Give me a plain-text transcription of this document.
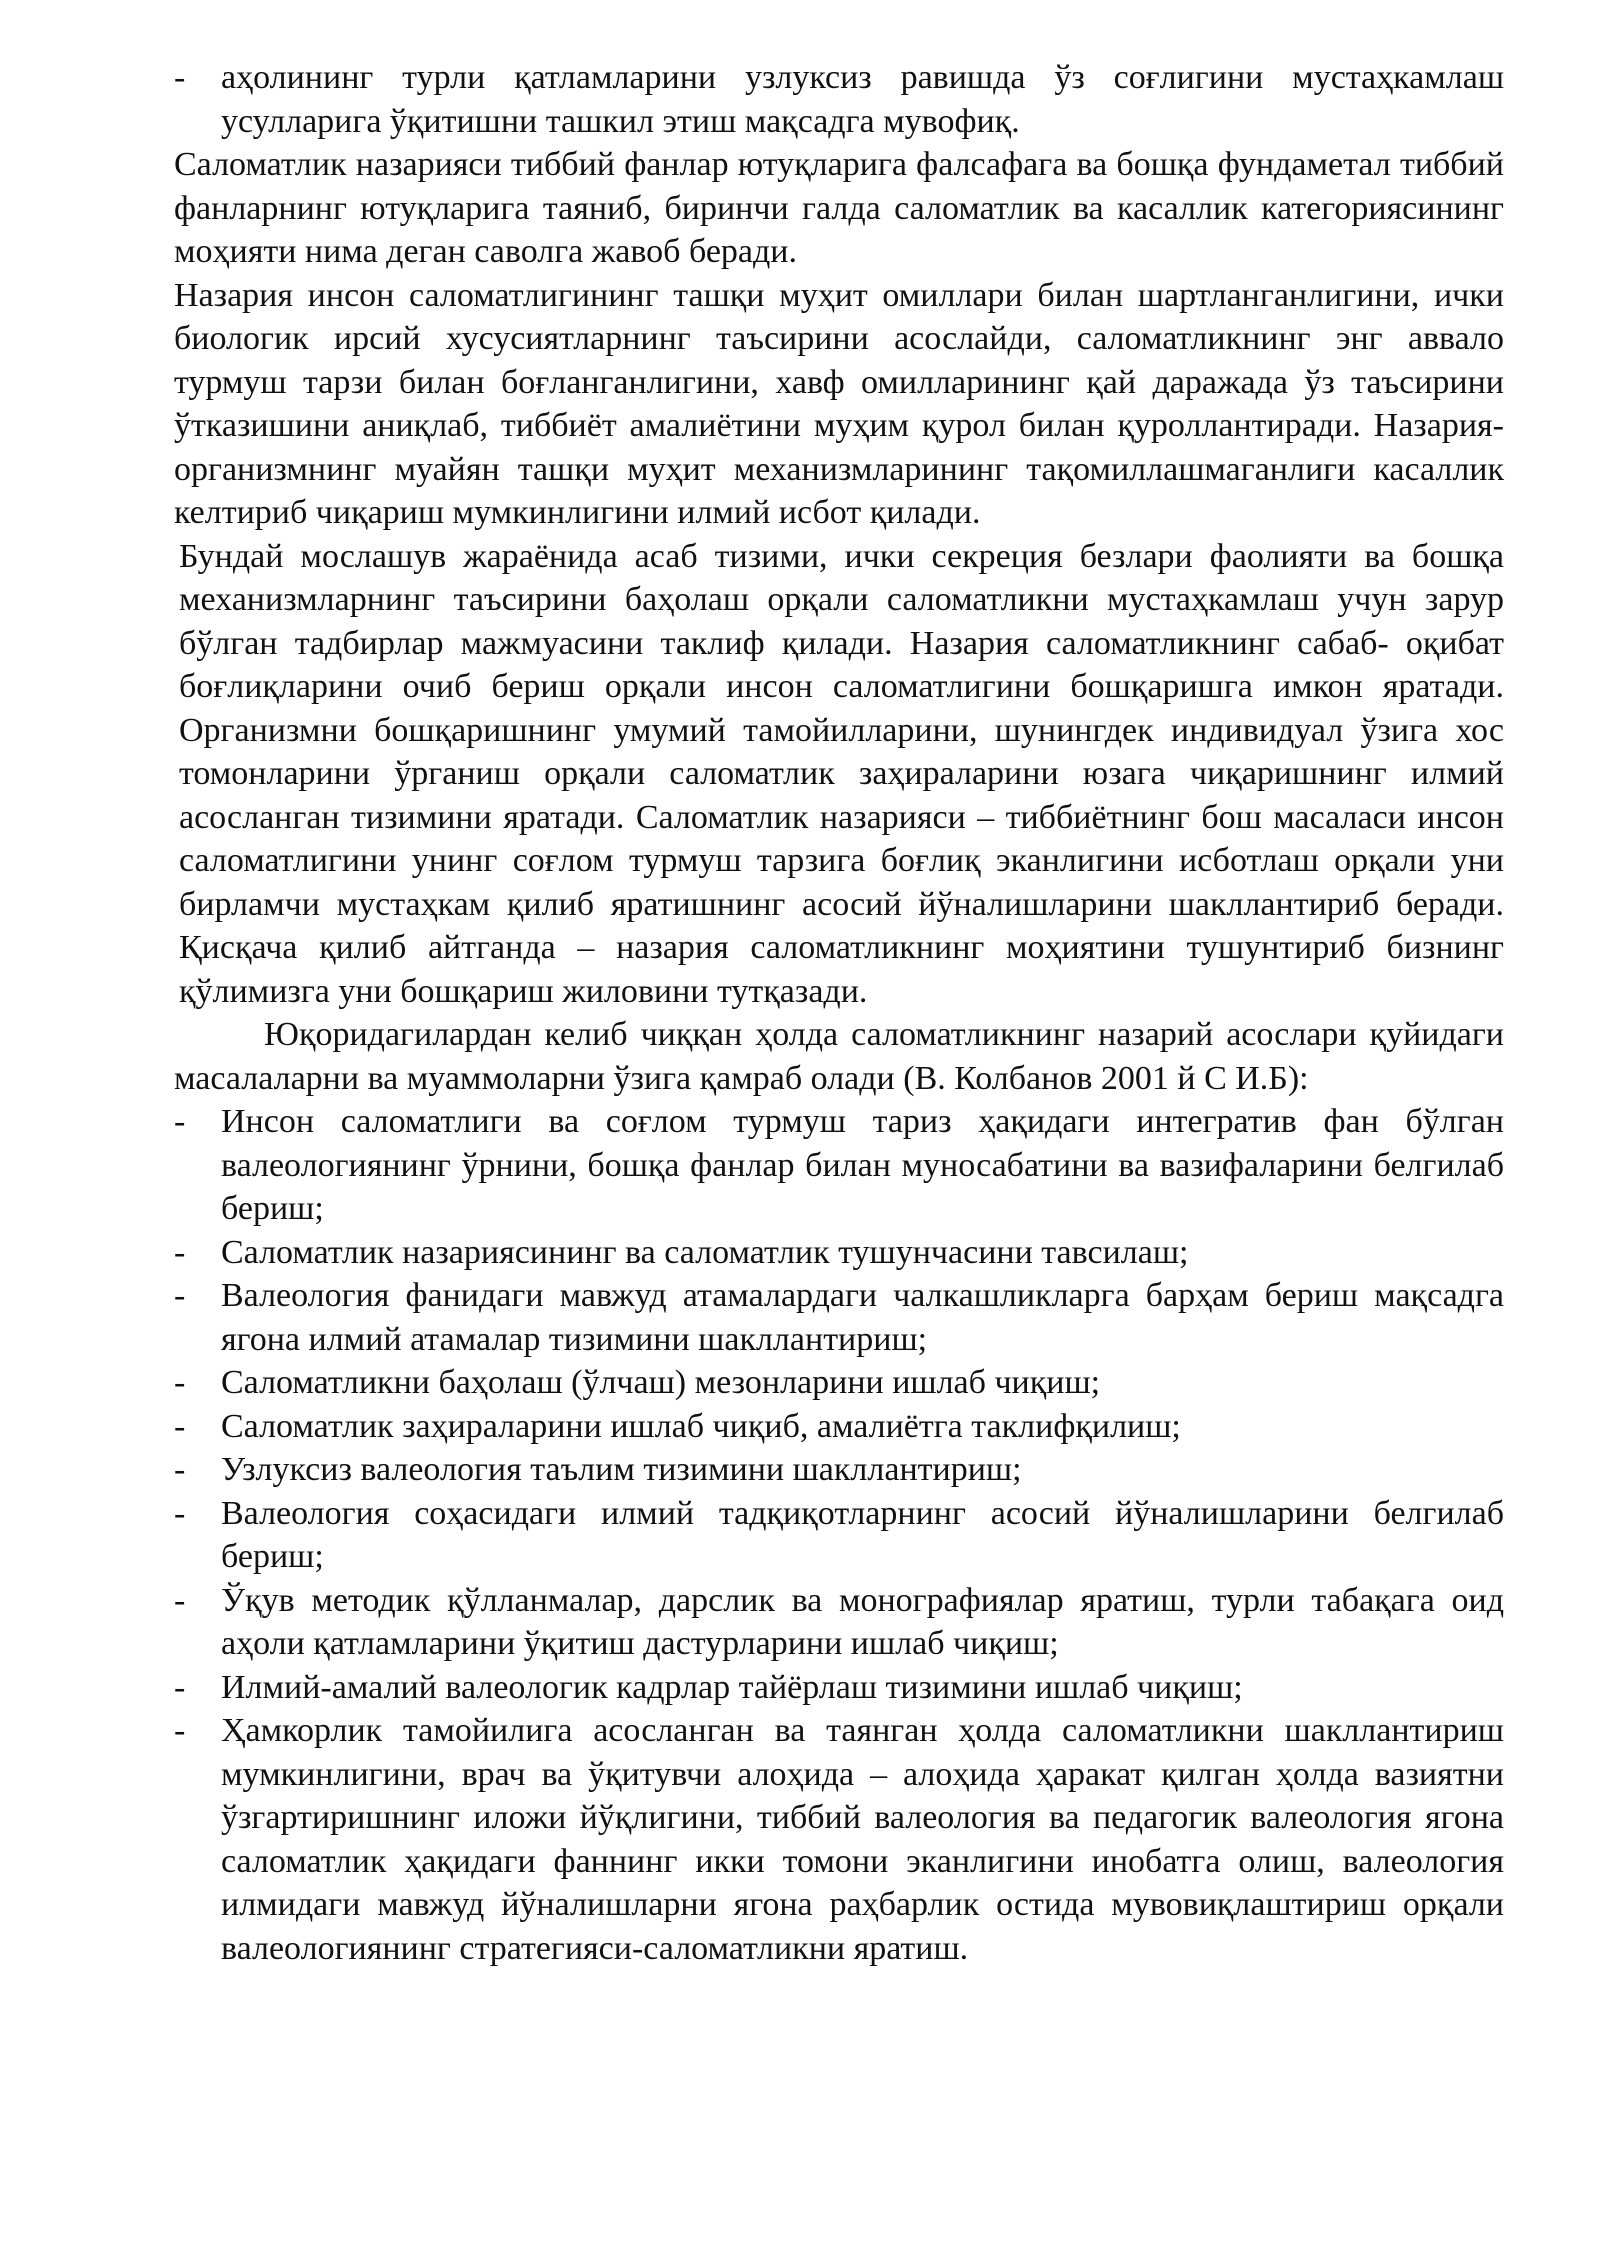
- аҳолининг турли қатламларини узлуксиз равишда ўз соғлигини мустаҳкамлаш усулларига ўқитишни ташкил этиш мақсадга мувофиқ.
Саломатлик назарияси тиббий фанлар ютуқларига фалсафага ва бошқа фундаметал тиббий фанларнинг ютуқларига таяниб, биринчи галда саломатлик ва касаллик категориясининг моҳияти нима деган саволга жавоб беради.
Назария инсон саломатлигининг ташқи муҳит омиллари билан шартланганлигини, ички биологик ирсий хусусиятларнинг таъсирини асослайди, саломатликнинг энг аввало турмуш тарзи билан боғланганлигини, хавф омилларининг қай даражада ўз таъсирини ўтказишини аниқлаб, тиббиёт амалиётини муҳим қурол билан қуроллантиради. Назария- организмнинг муайян ташқи муҳит механизмларининг тақомиллашмаганлиги касаллик келтириб чиқариш мумкинлигини илмий исбот қилади.
Бундай мослашув жараёнида асаб тизими, ички секреция безлари фаолияти ва бошқа механизмларнинг таъсирини баҳолаш орқали саломатликни мустаҳкамлаш учун зарур бўлган тадбирлар мажмуасини таклиф қилади. Назария саломатликнинг сабаб- оқибат боғлиқларини очиб бериш орқали инсон саломатлигини бошқаришга имкон яратади. Организмни бошқаришнинг умумий тамойилларини, шунингдек индивидуал ўзига хос томонларини ўрганиш орқали саломатлик заҳираларини юзага чиқаришнинг илмий асосланган тизимини яратади. Саломатлик назарияси – тиббиётнинг бош масаласи инсон саломатлигини унинг соғлом турмуш тарзига боғлиқ эканлигини исботлаш орқали уни бирламчи мустаҳкам қилиб яратишнинг асосий йўналишларини шакллантириб беради. Қисқача қилиб айтганда – назария саломатликнинг моҳиятини тушунтириб бизнинг қўлимизга уни бошқариш жиловини тутқазади.
Юқоридагилардан келиб чиққан ҳолда саломатликнинг назарий асослари қуйидаги масалаларни ва муаммоларни ўзига қамраб олади (В. Колбанов 2001 й С И.Б):
- Инсон саломатлиги ва соғлом турмуш тариз ҳақидаги интегратив фан бўлган валеологиянинг ўрнини, бошқа фанлар билан муносабатини ва вазифаларини белгилаб бериш;
- Саломатлик назариясининг ва саломатлик тушунчасини тавсилаш;
- Валеология фанидаги мавжуд атамалардаги чалкашликларга барҳам бериш мақсадга ягона илмий атамалар тизимини шакллантириш;
- Саломатликни баҳолаш (ўлчаш) мезонларини ишлаб чиқиш;
- Саломатлик заҳираларини ишлаб чиқиб, амалиётга таклифқилиш;
- Узлуксиз валеология таълим тизимини шакллантириш;
- Валеология соҳасидаги илмий тадқиқотларнинг асосий йўналишларини белгилаб бериш;
- Ўқув методик қўлланмалар, дарслик ва монографиялар яратиш, турли табақага оид аҳоли қатламларини ўқитиш дастурларини ишлаб чиқиш;
- Илмий-амалий валеологик кадрлар тайёрлаш тизимини ишлаб чиқиш;
- Ҳамкорлик тамойилига асосланган ва таянган ҳолда саломатликни шакллантириш мумкинлигини, врач ва ўқитувчи алоҳида – алоҳида ҳаракат қилган ҳолда вазиятни ўзгартиришнинг иложи йўқлигини, тиббий валеология ва педагогик валеология ягона саломатлик ҳақидаги фаннинг икки томони эканлигини инобатга олиш, валеология илмидаги мавжуд йўналишларни ягона раҳбарлик остида мувовиқлаштириш орқали валеологиянинг стратегияси-саломатликни яратиш.
